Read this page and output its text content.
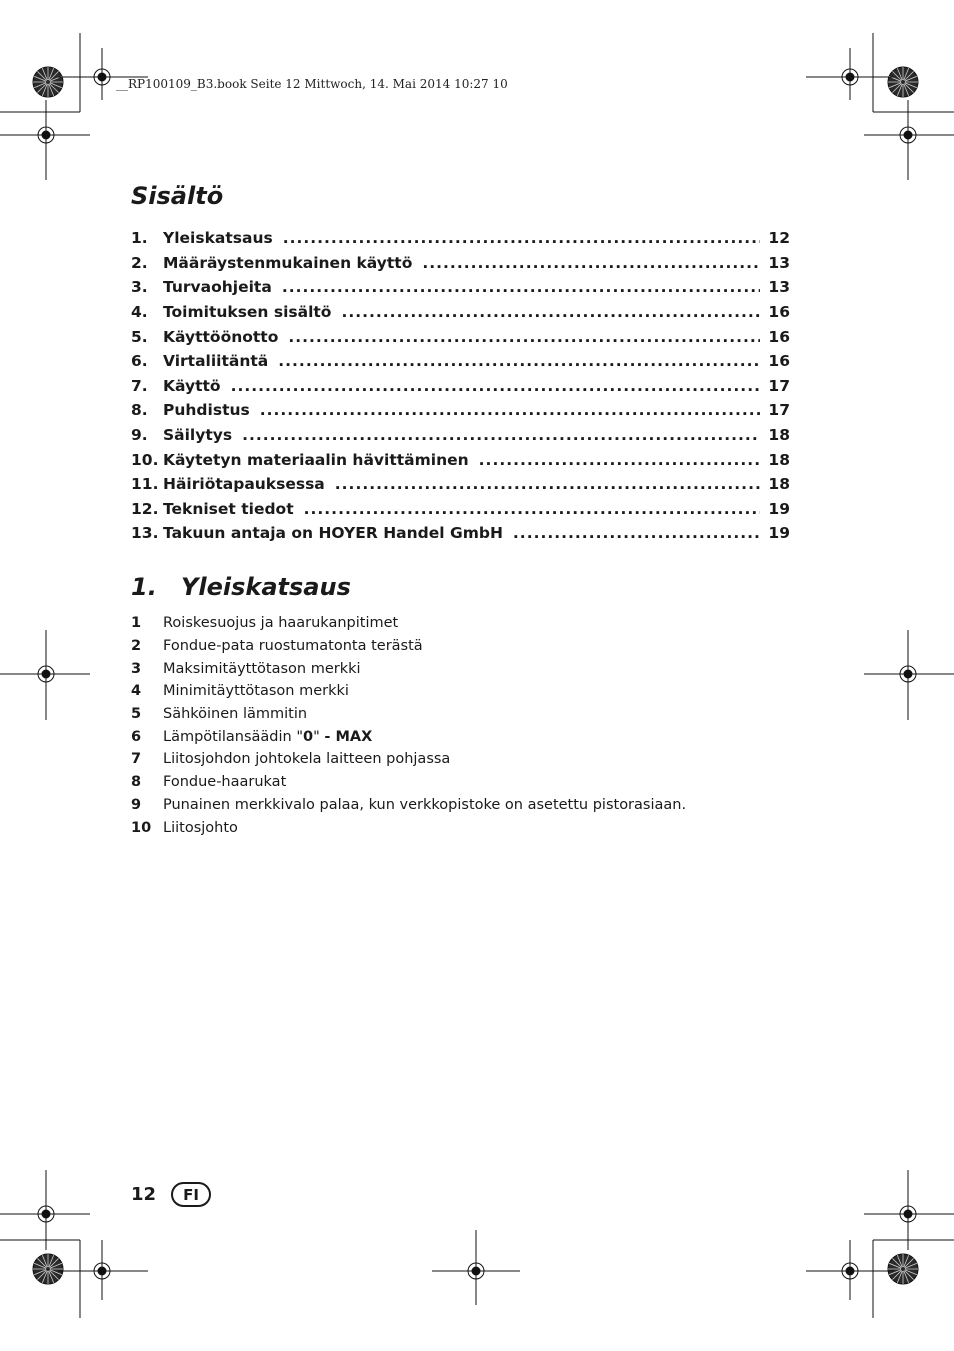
__RP100109_B3.book Seite 12 Mittwoch, 14. Mai 2014 10:27 10
Sisältö
1. Yleiskatsaus .....	12
2. Määräystenmukainen käyttö .....	13
3. Turvaohjeita .....	13
4. Toimituksen sisältö .....	16
5. Käyttöönotto .....	16
6. Virtaliitäntä .....	16
7. Käyttö .....	17
8. Puhdistus .....	17
9. Säilytys .....	18
10. Käytetyn materiaalin hävittäminen .....	18
11. Häiriötapauksessa .....	18
12. Tekniset tiedot .....	19
13. Takuun antaja on HOYER Handel GmbH .....	19
1. Yleiskatsaus
1	Roiskesuojus ja haarukanpitimet
2	Fondue-pata ruostumatonta terästä
3	Maksimitäyttötason merkki
4	Minimitäyttötason merkki
5	Sähköinen lämmitin
6	Lämpötilansäädin "0" - MAX
7	Liitosjohdon johtokela laitteen pohjassa
8	Fondue-haarukat
9	Punainen merkkivalo palaa, kun verkkopistoke on asetettu pistorasiaan.
10 Liitosjohto
12	FI
